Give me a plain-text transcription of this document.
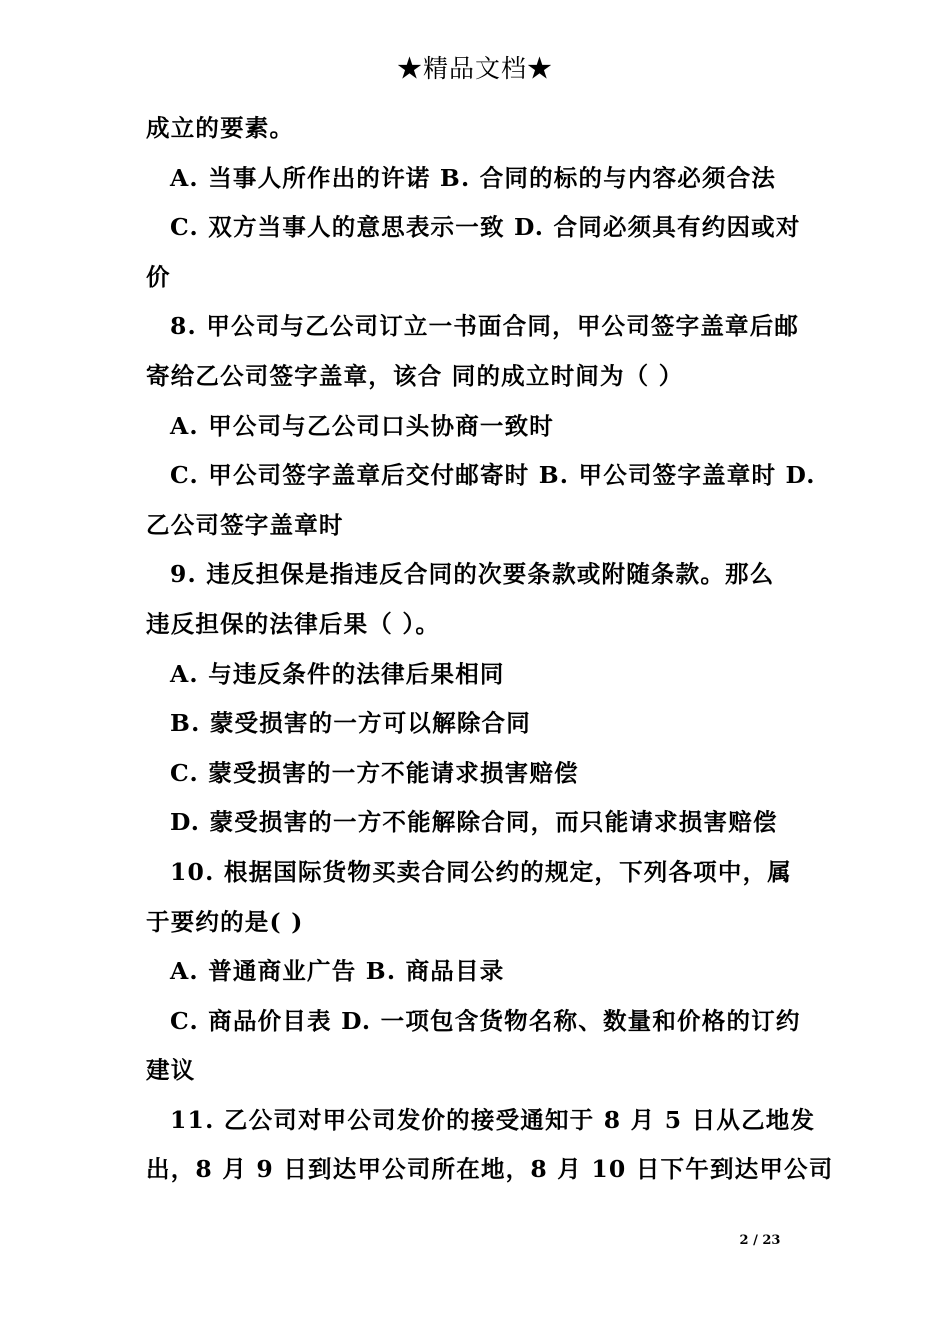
★精品文档★
成立的要素。
A. 当事人所作出的许诺 B. 合同的标的与内容必须合法
C. 双方当事人的意思表示一致 D. 合同必须具有约因或对
价
8. 甲公司与乙公司订立一书面合同，甲公司签字盖章后邮
寄给乙公司签字盖章，该合 同的成立时间为（ ）
A. 甲公司与乙公司口头协商一致时
C. 甲公司签字盖章后交付邮寄时 B. 甲公司签字盖章时 D.
乙公司签字盖章时
9. 违反担保是指违反合同的次要条款或附随条款。那么
违反担保的法律后果（ ）。
A. 与违反条件的法律后果相同
B. 蒙受损害的一方可以解除合同
C. 蒙受损害的一方不能请求损害赔偿
D. 蒙受损害的一方不能解除合同，而只能请求损害赔偿
10. 根据国际货物买卖合同公约的规定，下列各项中，属
于要约的是( )
A. 普通商业广告 B. 商品目录
C. 商品价目表 D. 一项包含货物名称、数量和价格的订约
建议
11. 乙公司对甲公司发价的接受通知于 8 月 5 日从乙地发
出，8 月 9 日到达甲公司所在地，8 月 10 日下午到达甲公司
2 / 23
